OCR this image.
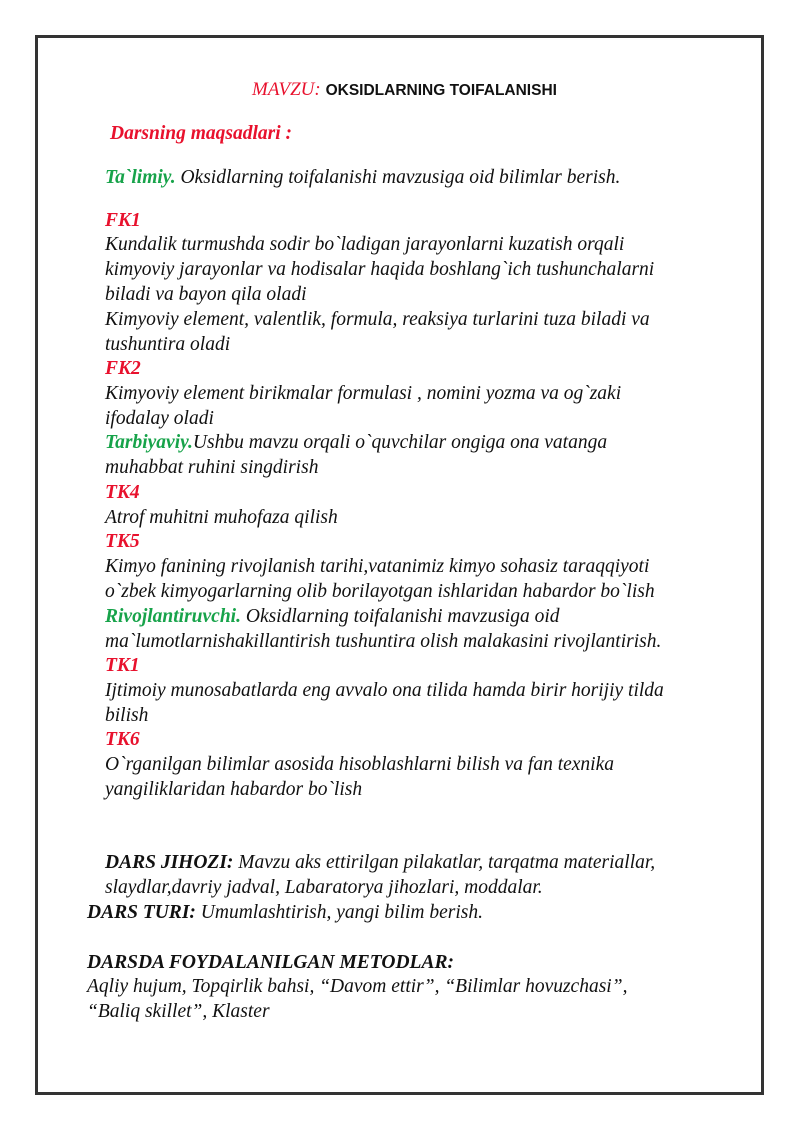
MAVZU: OKSIDLARNING TOIFALANISHI
Darsning maqsadlari :
Ta`limiy. Oksidlarning toifalanishi mavzusiga oid bilimlar berish.
FK1
Kundalik turmushda sodir bo`ladigan jarayonlarni kuzatish orqali
kimyoviy jarayonlar va hodisalar haqida boshlang`ich tushunchalarni
biladi va bayon qila oladi
Kimyoviy element, valentlik, formula, reaksiya turlarini tuza biladi va
tushuntira oladi
FK2
Kimyoviy element birikmalar formulasi , nomini yozma va og`zaki
ifodalay oladi
Tarbiyaviy.Ushbu mavzu orqali o`quvchilar ongiga ona vatanga
muhabbat ruhini singdirish
TK4
Atrof muhitni muhofaza qilish
TK5
Kimyo fanining rivojlanish tarihi,vatanimiz kimyo sohasiz taraqqiyoti
o`zbek kimyogarlarning olib borilayotgan ishlaridan habardor bo`lish
Rivojlantiruvchi. Oksidlarning toifalanishi mavzusiga oid
ma`lumotlarnishakillantirish tushuntira olish malakasini rivojlantirish.
TK1
Ijtimoiy munosabatlarda eng avvalo ona tilida hamda birir horijiy tilda
bilish
TK6
O`rganilgan bilimlar asosida hisoblashlarni bilish va fan texnika
yangiliklaridan habardor bo`lish
DARS JIHOZI: Mavzu aks ettirilgan pilakatlar, tarqatma materiallar,
slaydlar,davriy jadval, Labaratorya jihozlari, moddalar.
DARS TURI: Umumlashtirish, yangi bilim berish.
DARSDA FOYDALANILGAN METODLAR:
Aqliy hujum, Topqirlik bahsi, “Davom ettir”, “Bilimlar hovuzchasi”,
“Baliq skillet”, Klaster
